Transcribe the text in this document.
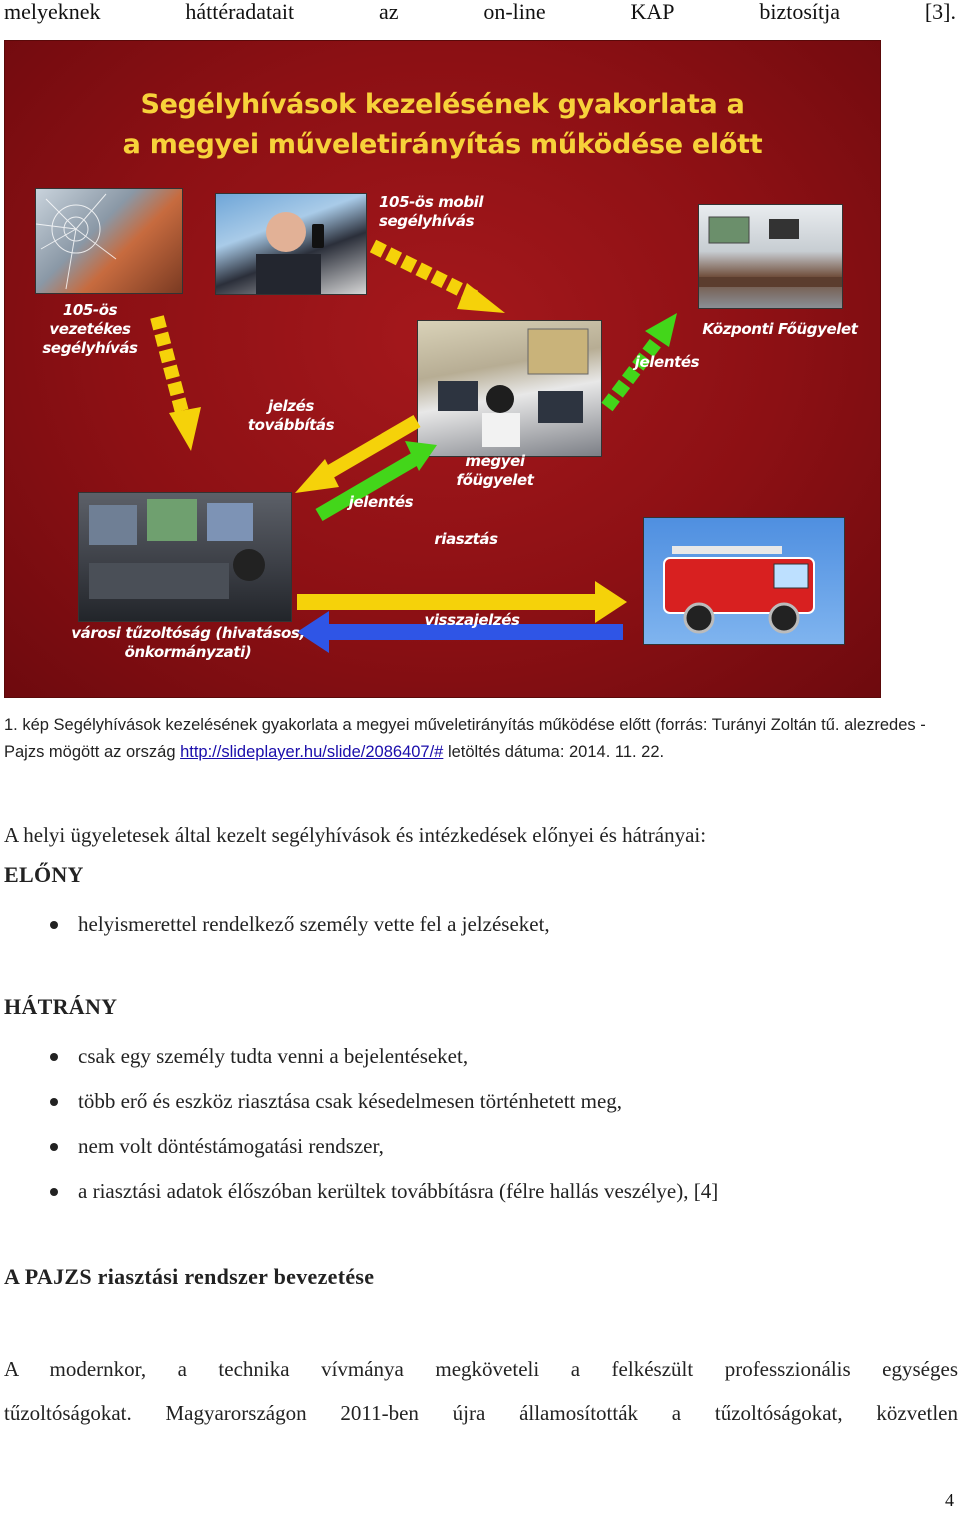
melyeknek	háttéradatait	az	on-line	KAP	biztosítja	[3].
Segélyhívások kezelésének gyakorlata a
a megyei műveletirányítás működése előtt
105-ös mobil
segélyhívás
105-ös
vezetékes
segélyhívás
jelzés
továbbítás
jelentés
Központi Főügyelet
megyei főügyelet
jelentés
riasztás
visszajelzés
városi tűzoltóság (hivatásos,
önkormányzati)
1. kép Segélyhívások kezelésének gyakorlata a megyei műveletirányítás működése előtt (forrás: Turányi Zoltán tű. alezredes - Pajzs mögött az ország http://slideplayer.hu/slide/2086407/# letöltés dátuma: 2014. 11. 22.
A helyi ügyeletesek által kezelt segélyhívások és intézkedések előnyei és hátrányai:
ELŐNY
helyismerettel rendelkező személy vette fel a jelzéseket,
HÁTRÁNY
csak egy személy tudta venni a bejelentéseket,
több erő és eszköz riasztása csak késedelmesen történhetett meg,
nem volt döntéstámogatási rendszer,
a riasztási adatok élőszóban kerültek továbbításra (félre hallás veszélye), [4]
A PAJZS riasztási rendszer bevezetése
A modernkor, a technika vívmánya megköveteli a felkészült professzionális egységes
tűzoltóságokat. Magyarországon 2011-ben újra államosították a tűzoltóságokat, közvetlen
4
